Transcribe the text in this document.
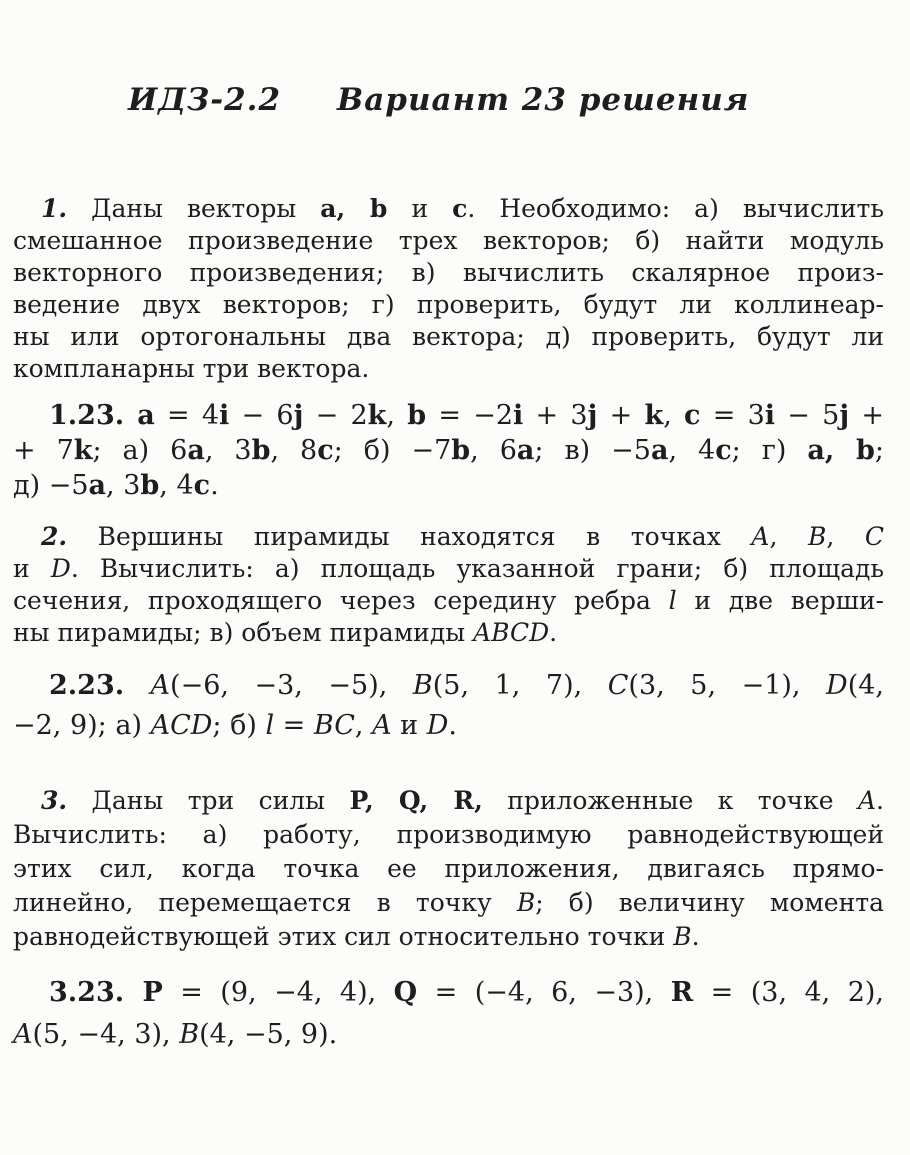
ИДЗ-2.2 Вариант 23 решения
1. Даны векторы a, b и c. Необходимо: а) вычислить
смешанное произведение трех векторов; б) найти модуль
векторного произведения; в) вычислить скалярное произ-
ведение двух векторов; г) проверить, будут ли коллинеар-
ны или ортогональны два вектора; д) проверить, будут ли
компланарны три вектора.
1.23. a = 4i − 6j − 2k, b = −2i + 3j + k, c = 3i − 5j +
+ 7k; а) 6a, 3b, 8c; б) −7b, 6a; в) −5a, 4c; г) a, b;
д) −5a, 3b, 4c.
2. Вершины пирамиды находятся в точках A, B, C
и D. Вычислить: а) площадь указанной грани; б) площадь
сечения, проходящего через середину ребра l и две верши-
ны пирамиды; в) объем пирамиды ABCD.
2.23. A(−6, −3, −5), B(5, 1, 7), C(3, 5, −1), D(4,
−2, 9); а) ACD; б) l = BC, A и D.
3. Даны три силы P, Q, R, приложенные к точке A.
Вычислить: а) работу, производимую равнодействующей
этих сил, когда точка ее приложения, двигаясь прямо-
линейно, перемещается в точку B; б) величину момента
равнодействующей этих сил относительно точки B.
3.23. P = (9, −4, 4), Q = (−4, 6, −3), R = (3, 4, 2),
A(5, −4, 3), B(4, −5, 9).
